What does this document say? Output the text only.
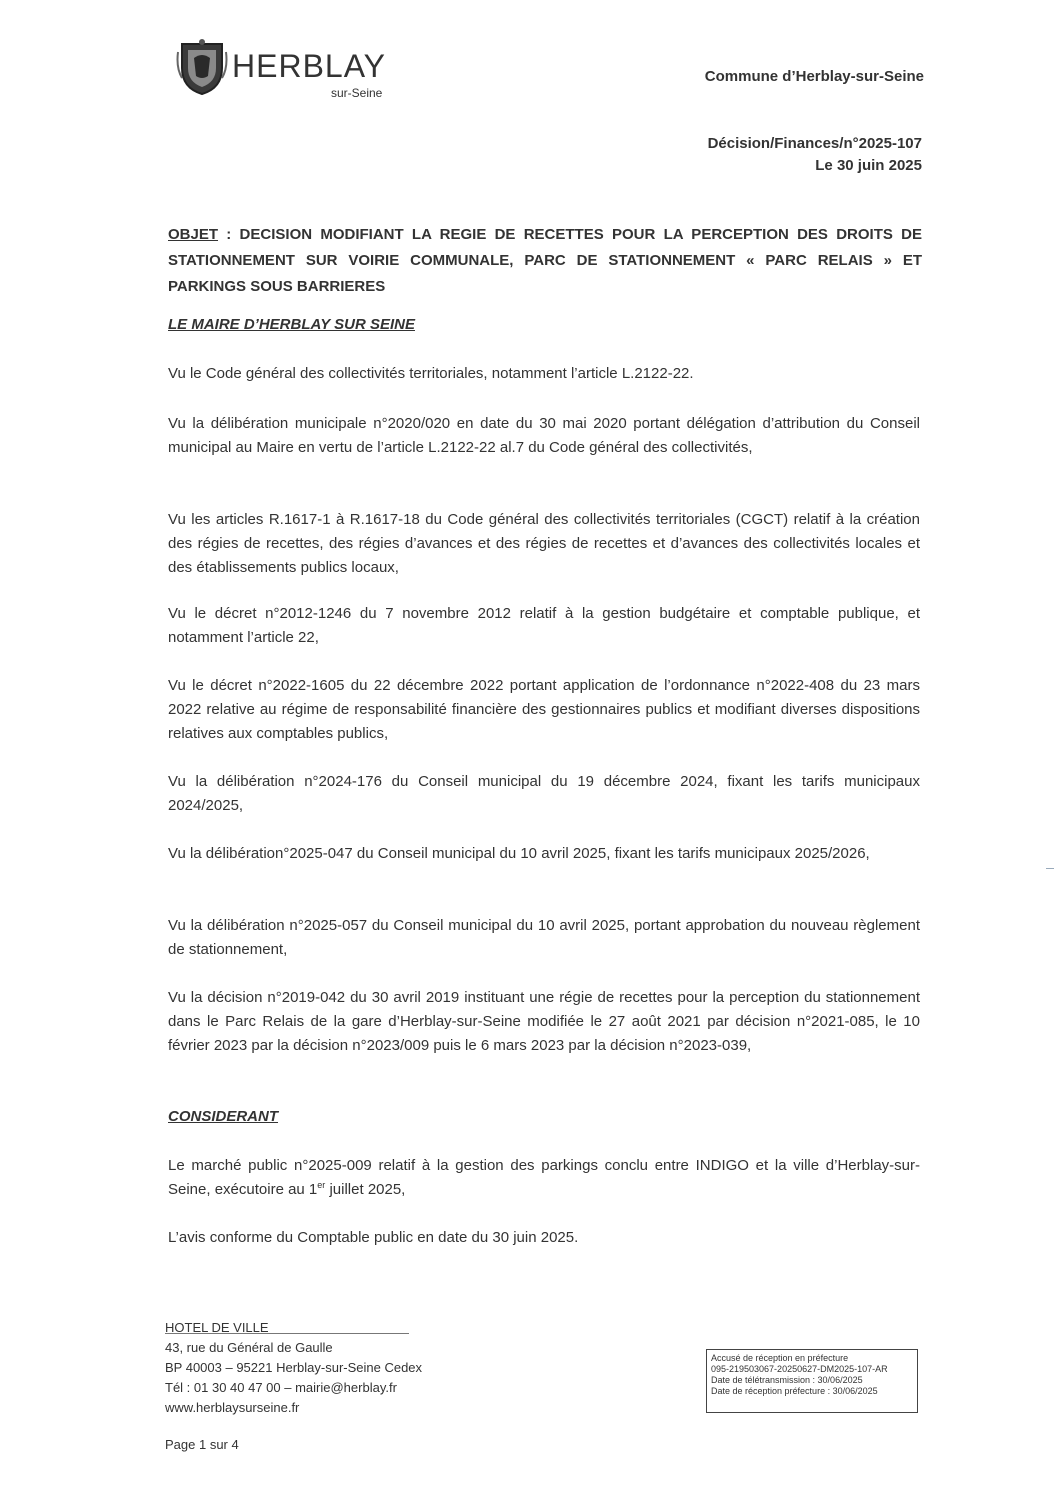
HERBLAY
sur-Seine
Commune d’Herblay-sur-Seine
Décision/Finances/n°2025-107
Le 30 juin 2025
OBJET : DECISION MODIFIANT LA REGIE DE RECETTES POUR LA PERCEPTION DES DROITS DE STATIONNEMENT SUR VOIRIE COMMUNALE, PARC DE STATIONNEMENT « PARC RELAIS » ET PARKINGS SOUS BARRIERES
LE MAIRE D’HERBLAY SUR SEINE
Vu le Code général des collectivités territoriales, notamment l’article L.2122-22.
Vu la délibération municipale n°2020/020 en date du 30 mai 2020 portant délégation d’attribution du Conseil municipal au Maire en vertu de l’article L.2122-22 al.7 du Code général des collectivités,
Vu les articles R.1617-1 à R.1617-18 du Code général des collectivités territoriales (CGCT) relatif à la création des régies de recettes, des régies d’avances et des régies de recettes et d’avances des collectivités locales et des établissements publics locaux,
Vu le décret n°2012-1246 du 7 novembre 2012 relatif à la gestion budgétaire et comptable publique, et notamment l’article 22,
Vu le décret n°2022-1605 du 22 décembre 2022 portant application de l’ordonnance n°2022-408 du 23 mars 2022 relative au régime de responsabilité financière des gestionnaires publics et modifiant diverses dispositions relatives aux comptables publics,
Vu la délibération n°2024-176 du Conseil municipal du 19 décembre 2024, fixant les tarifs municipaux 2024/2025,
Vu la délibération°2025-047 du Conseil municipal du 10 avril 2025, fixant les tarifs municipaux 2025/2026,
Vu la délibération n°2025-057 du Conseil municipal du 10 avril 2025, portant approbation du nouveau règlement de stationnement,
Vu la décision n°2019-042 du 30 avril 2019 instituant une régie de recettes pour la perception du stationnement dans le Parc Relais de la gare d’Herblay-sur-Seine modifiée le 27 août 2021 par décision n°2021-085, le 10 février 2023 par la décision n°2023/009 puis le 6 mars 2023 par la décision n°2023-039,
CONSIDERANT
Le marché public n°2025-009 relatif à la gestion des parkings conclu entre INDIGO et la ville d’Herblay-sur-Seine, exécutoire au 1er juillet 2025,
L’avis conforme du Comptable public en date du 30 juin 2025.
HOTEL DE VILLE
43, rue du Général de Gaulle
BP 40003 – 95221 Herblay-sur-Seine Cedex
Tél : 01 30 40 47 00 – mairie@herblay.fr
www.herblaysurseine.fr
Page 1 sur 4
Accusé de réception en préfecture
095-219503067-20250627-DM2025-107-AR
Date de télétransmission : 30/06/2025
Date de réception préfecture : 30/06/2025
